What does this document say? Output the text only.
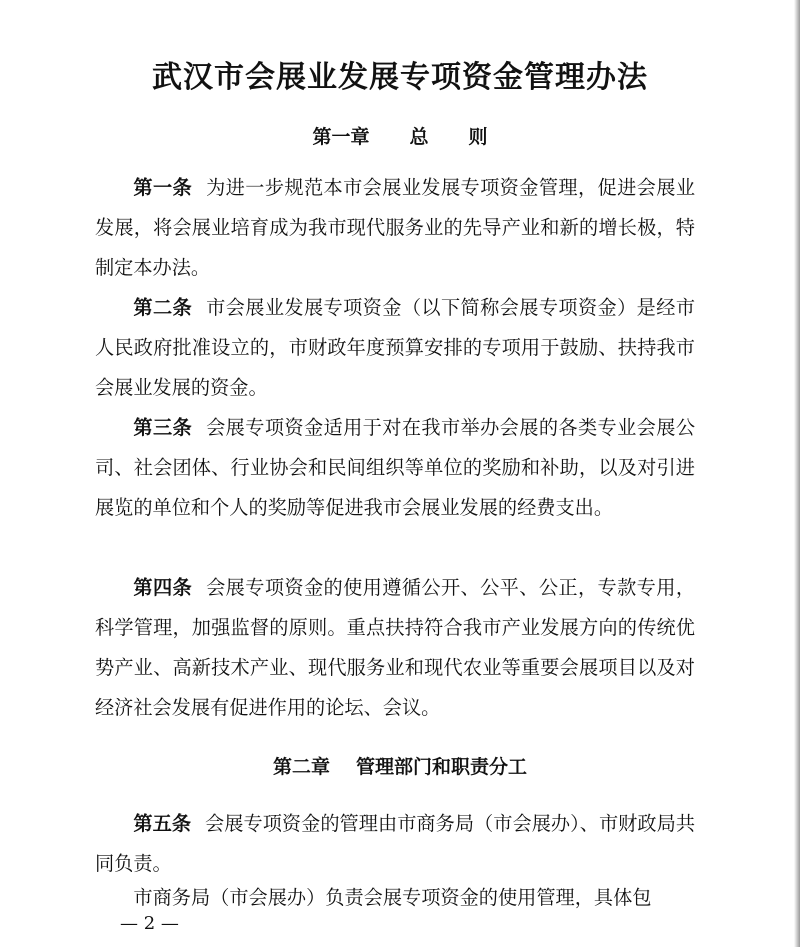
武汉市会展业发展专项资金管理办法

第一章 总 则

第一条 为进一步规范本市会展业发展专项资金管理，促进会展业发展，将会展业培育成为我市现代服务业的先导产业和新的增长极，特制定本办法。

第二条 市会展业发展专项资金（以下简称会展专项资金）是经市人民政府批准设立的，市财政年度预算安排的专项用于鼓励、扶持我市会展业发展的资金。

第三条 会展专项资金适用于对在我市举办会展的各类专业会展公司、社会团体、行业协会和民间组织等单位的奖励和补助，以及对引进展览的单位和个人的奖励等促进我市会展业发展的经费支出。

第四条 会展专项资金的使用遵循公开、公平、公正，专款专用，科学管理，加强监督的原则。重点扶持符合我市产业发展方向的传统优势产业、高新技术产业、现代服务业和现代农业等重要会展项目以及对经济社会发展有促进作用的论坛、会议。

第二章 管理部门和职责分工

第五条 会展专项资金的管理由市商务局（市会展办）、市财政局共同负责。

市商务局（市会展办）负责会展专项资金的使用管理，具体包

— 2 —
